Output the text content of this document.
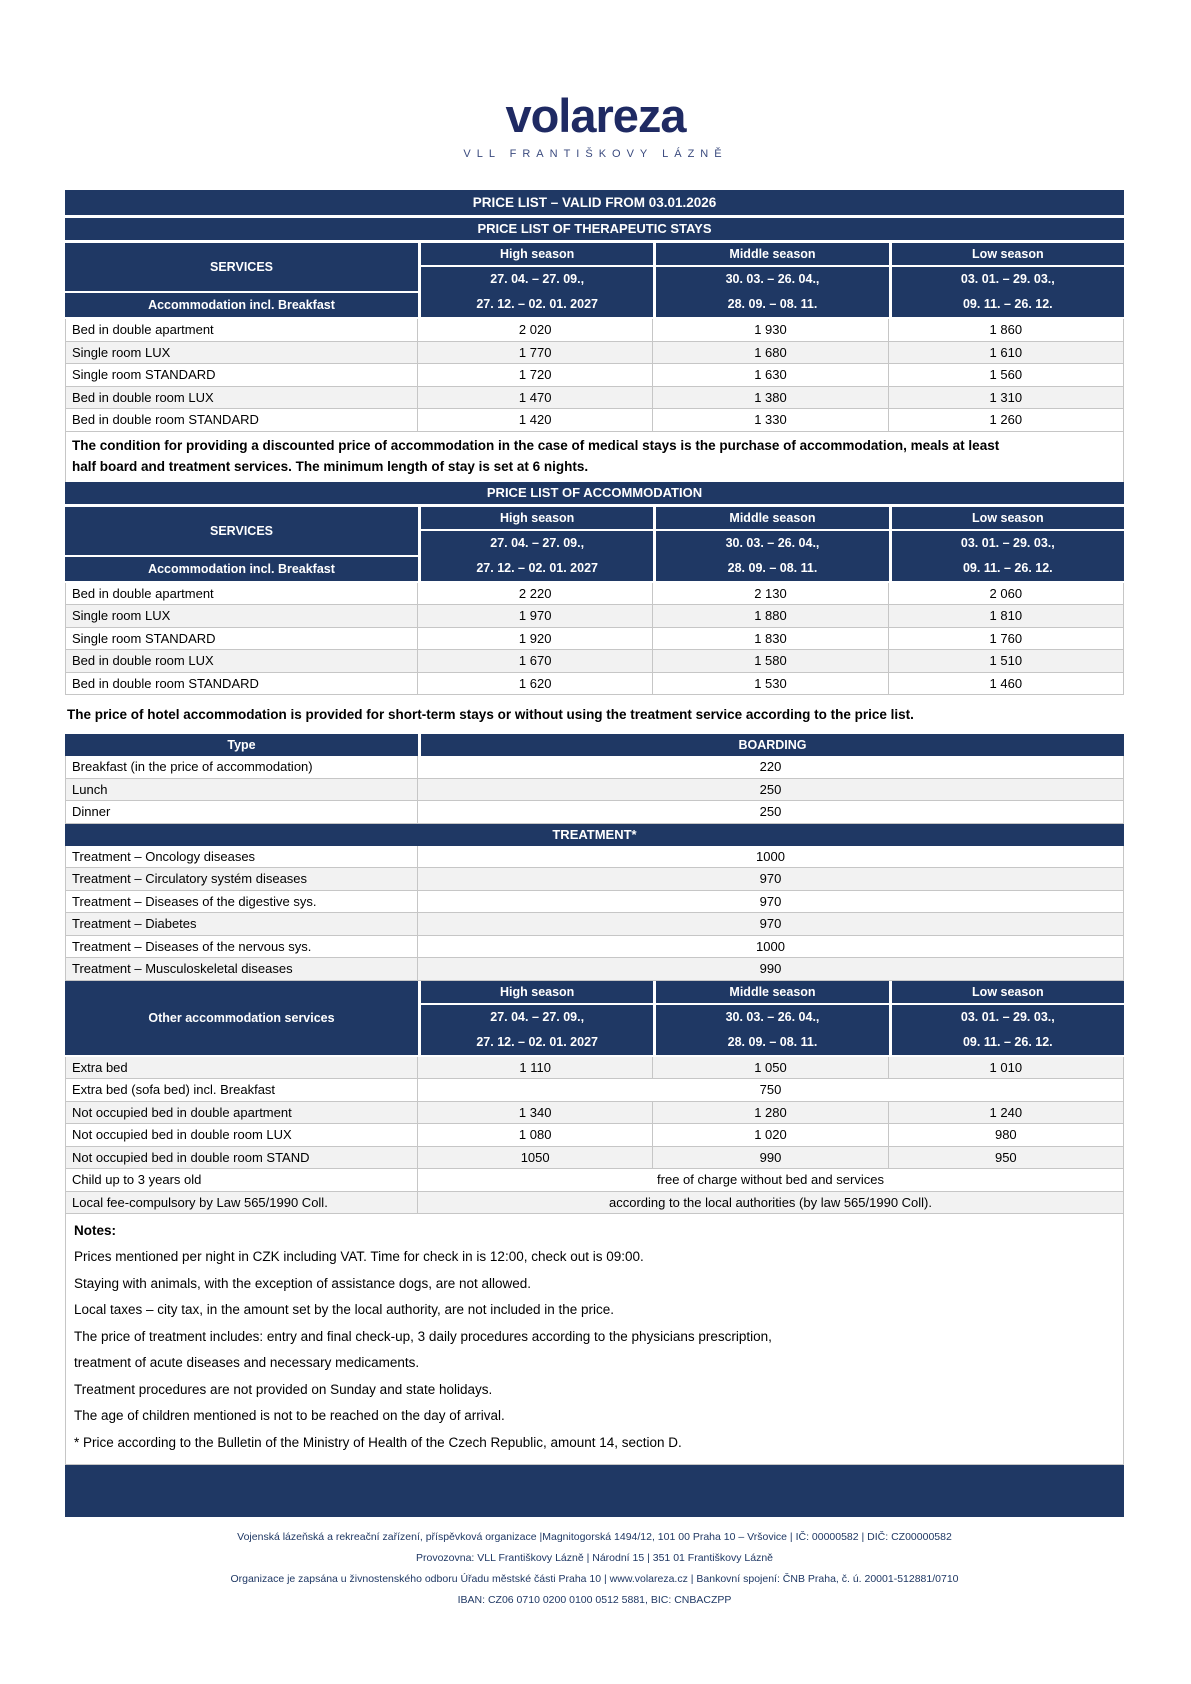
volareza
VLL FRANTIŠKOVY LÁZNĚ
PRICE LIST – VALID FROM 03.01.2026
PRICE LIST OF THERAPEUTIC STAYS
SERVICES
Accommodation incl. Breakfast
High season
27. 04. – 27. 09.,
27. 12. – 02. 01. 2027
Middle season
30. 03. – 26. 04.,
28. 09. – 08. 11.
Low season
03. 01. – 29. 03.,
09. 11. – 26. 12.
Bed in double apartment	2 020	1 930	1 860
Single room LUX	1 770	1 680	1 610
Single room STANDARD	1 720	1 630	1 560
Bed in double room LUX	1 470	1 380	1 310
Bed in double room STANDARD	1 420	1 330	1 260
The condition for providing a discounted price of accommodation in the case of medical stays is the purchase of accommodation, meals at least
half board and treatment services. The minimum length of stay is set at 6 nights.
PRICE LIST OF ACCOMMODATION
SERVICES
Accommodation incl. Breakfast
High season
27. 04. – 27. 09.,
27. 12. – 02. 01. 2027
Middle season
30. 03. – 26. 04.,
28. 09. – 08. 11.
Low season
03. 01. – 29. 03.,
09. 11. – 26. 12.
Bed in double apartment	2 220	2 130	2 060
Single room LUX	1 970	1 880	1 810
Single room STANDARD	1 920	1 830	1 760
Bed in double room LUX	1 670	1 580	1 510
Bed in double room STANDARD	1 620	1 530	1 460
The price of hotel accommodation is provided for short-term stays or without using the treatment service according to the price list.
Type	BOARDING
Breakfast (in the price of accommodation)	220
Lunch	250
Dinner	250
TREATMENT*
Treatment – Oncology diseases	1000
Treatment – Circulatory systém diseases	970
Treatment – Diseases of the digestive sys.	970
Treatment – Diabetes	970
Treatment – Diseases of the nervous sys.	1000
Treatment – Musculoskeletal diseases	990
Other accommodation services
High season
27. 04. – 27. 09.,
27. 12. – 02. 01. 2027
Middle season
30. 03. – 26. 04.,
28. 09. – 08. 11.
Low season
03. 01. – 29. 03.,
09. 11. – 26. 12.
Extra bed	1 110	1 050	1 010
Extra bed (sofa bed) incl. Breakfast	750
Not occupied bed in double apartment	1 340	1 280	1 240
Not occupied bed in double room LUX	1 080	1 020	980
Not occupied bed in double room STAND	1050	990	950
Child up to 3 years old	free of charge without bed and services
Local fee-compulsory by Law 565/1990 Coll.	according to the local authorities (by law 565/1990 Coll).
Notes:
Prices mentioned per night in CZK including VAT. Time for check in is 12:00, check out is 09:00.
Staying with animals, with the exception of assistance dogs, are not allowed.
Local taxes – city tax, in the amount set by the local authority, are not included in the price.
The price of treatment includes: entry and final check-up, 3 daily procedures according to the physicians prescription,
treatment of acute diseases and necessary medicaments.
Treatment procedures are not provided on Sunday and state holidays.
The age of children mentioned is not to be reached on the day of arrival.
* Price according to the Bulletin of the Ministry of Health of the Czech Republic, amount 14, section D.
Vojenská lázeňská a rekreační zařízení, příspěvková organizace |Magnitogorská 1494/12, 101 00 Praha 10 – Vršovice | IČ: 00000582 | DIČ: CZ00000582
Provozovna: VLL Františkovy Lázně | Národní 15 | 351 01 Františkovy Lázně
Organizace je zapsána u živnostenského odboru Úřadu městské části Praha 10 | www.volareza.cz | Bankovní spojení: ČNB Praha, č. ú. 20001-512881/0710
IBAN: CZ06 0710 0200 0100 0512 5881, BIC: CNBACZPP
